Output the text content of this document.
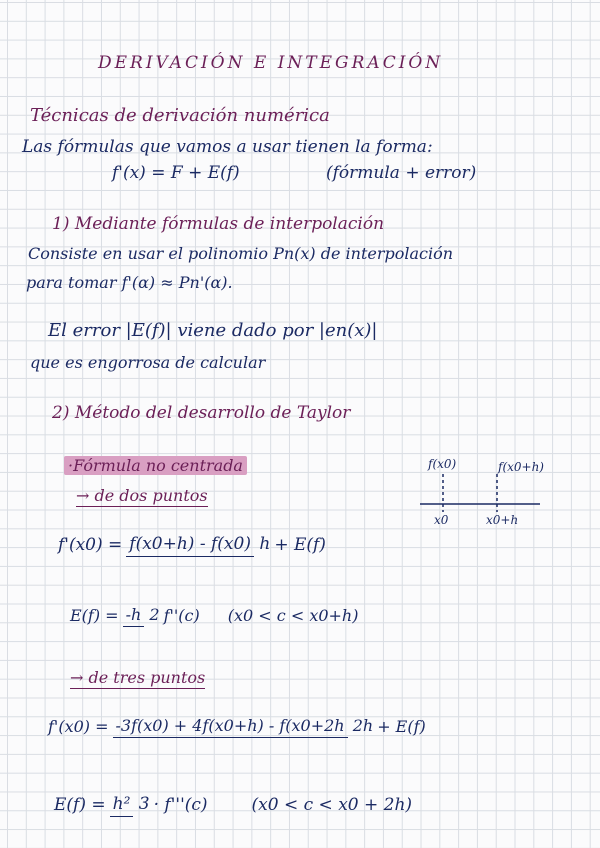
DERIVACIÓN E INTEGRACIÓN
Técnicas de derivación numérica
Las fórmulas que vamos a usar tienen la forma:
f'(x) = F + E(f)	(fórmula + error)
1) Mediante fórmulas de interpolación
Consiste en usar el polinomio Pn(x) de interpolación
para tomar f'(α) ≈ Pn'(α).
El error |E(f)| viene dado por |en(x)|
que es engorrosa de calcular
2) Método del desarrollo de Taylor
·Fórmula no centrada
→ de dos puntos
f(x0)	f(x0+h)
x0	x0+h
f'(x0) = f(x0+h) - f(x0) h + E(f)
E(f) = -h 2 f''(c) (x0 < c < x0+h)
→ de tres puntos
f'(x0) = -3f(x0) + 4f(x0+h) - f(x0+2h 2h + E(f)
E(f) = h² 3 · f'''(c)	(x0 < c < x0 + 2h)
